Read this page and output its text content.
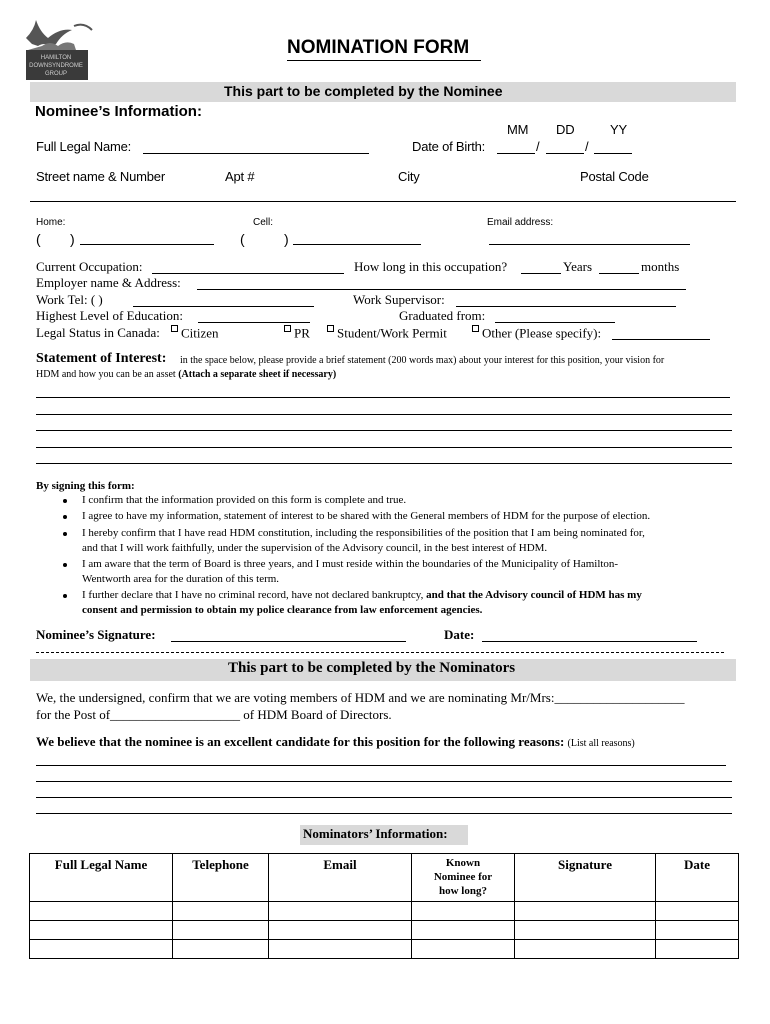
HAMILTON DOWNSYNDROME GROUP
NOMINATION FORM
This part to be completed by the Nominee
Nominee’s Information:
MM DD	YY
Full Legal Name:	Date of Birth:	/	/
Street name & Number	Apt #	City	Postal Code
Home:	Cell:	Email address:
( )	(	)
Current Occupation:	How long in this occupation?	Years	months
Employer name & Address:
Work Tel: ( )	Work Supervisor:
Highest Level of Education:	Graduated from:
Legal Status in Canada:	Citizen	PR	Student/Work Permit	Other (Please specify):
Statement of Interest: in the space below, please provide a brief statement (200 words max) about your interest for this position, your vision for
HDM and how you can be an asset (Attach a separate sheet if necessary)
By signing this form:
I confirm that the information provided on this form is complete and true.
I agree to have my information, statement of interest to be shared with the General members of HDM for the purpose of election.
I hereby confirm that I have read HDM constitution, including the responsibilities of the position that I am being nominated for,
and that I will work faithfully, under the supervision of the Advisory council, in the best interest of HDM.
I am aware that the term of Board is three years, and I must reside within the boundaries of the Municipality of Hamilton-
Wentworth area for the duration of this term.
I further declare that I have no criminal record, have not declared bankruptcy, and that the Advisory council of HDM has my
consent and permission to obtain my police clearance from law enforcement agencies.
Nominee’s Signature:	Date:
This part to be completed by the Nominators
We, the undersigned, confirm that we are voting members of HDM and we are nominating Mr/Mrs:____________________
for the Post of____________________ of HDM Board of Directors.
We believe that the nominee is an excellent candidate for this position for the following reasons: (List all reasons)
Nominators’ Information:
Full Legal Name	Telephone	Email	Known
Nominee for
how long?	Signature	Date
